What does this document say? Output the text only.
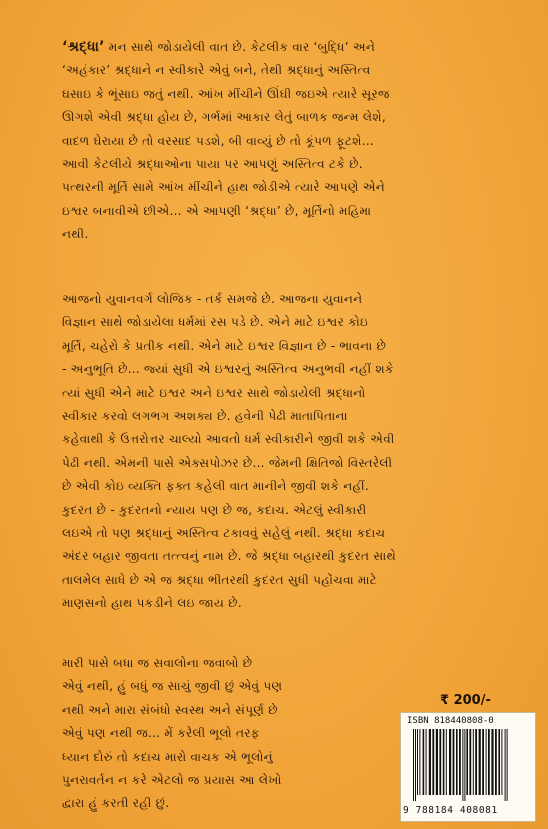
‘શ્રદ્ધા’ મન સાથે જોડાયેલી વાત છે. કેટલીક વાર ‘બુદ્ધિ’ અને
‘અહંકાર’ શ્રદ્ધાને ન સ્વીકારે એવું બને, તેથી શ્રદ્ધાનું અસ્તિત્વ
ઘસાઇ કે ભૂંસાઇ જતું નથી. આંખ મીંચીને ઊંઘી જઇએ ત્યારે સૂરજ
ઊગશે એવી શ્રદ્ધા હોય છે, ગર્ભમાં આકાર લેતું બાળક જન્મ લેશે,
વાદળ ઘેરાયા છે તો વરસાદ પડશે, બી વાવ્યું છે તો કૂંપળ ફૂટશે...
આવી કેટલીયે શ્રદ્ધાઓના પાયા પર આપણું અસ્તિત્વ ટકે છે.
પત્થરની મૂર્તિ સામે આંખ મીંચીને હાથ જોડીએ ત્યારે આપણે એને
ઇશ્વર બનાવીએ છીએ... એ આપણી ‘શ્રદ્ધા’ છે, મૂર્તિનો મહિમા
નથી.
આજનો યુવાનવર્ગ લોજિક - તર્ક સમજે છે. આજના યુવાનને
વિજ્ઞાન સાથે જોડાયેલા ધર્મમાં રસ પડે છે. એને માટે ઇશ્વર કોઇ
મૂર્તિ, ચહેરો કે પ્રતીક નથી. એને માટે ઇશ્વર વિજ્ઞાન છે - ભાવના છે
- અનુભૂતિ છે... જ્યાં સુધી એ ઇશ્વરનું અસ્તિત્વ અનુભવી નહીં શકે
ત્યાં સુધી એને માટે ઇશ્વર અને ઇશ્વર સાથે જોડાયેલી શ્રદ્ધાનો
સ્વીકાર કરવો લગભગ અશક્ય છે. હવેની પેઢી માતાપિતાના
કહેવાથી કે ઉત્તરોત્તર ચાલ્યો આવતો ધર્મ સ્વીકારીને જીવી શકે એવી
પેઢી નથી. એમની પાસે એક્સપોઝર છે... જેમની ક્ષિતિજો વિસ્તરેલી
છે એવી કોઇ વ્યક્તિ ફક્ત કહેલી વાત માનીને જીવી શકે નહીં.
કુદરત છે - કુદરતનો ન્યાય પણ છે જ, કદાચ. એટલું સ્વીકારી
લઇએ તો પણ શ્રદ્ધાનું અસ્તિત્વ ટકાવવું સહેલું નથી. શ્રદ્ધા કદાચ
અંદર બહાર જીવતા તત્ત્વનું નામ છે. જે શ્રદ્ધા બહારથી કુદરત સાથે
તાલમેલ સાધે છે એ જ શ્રદ્ધા ભીતરથી કુદરત સુધી પહોંચવા માટે
માણસનો હાથ પકડીને લઇ જાય છે.
મારી પાસે બધા જ સવાલોના જવાબો છે
એવું નથી, હું બધું જ સાચું જીવી છું એવું પણ
નથી અને મારા સંબંધો સ્વસ્થ અને સંપૂર્ણ છે
એવું પણ નથી જ... મેં કરેલી ભૂલો તરફ
ધ્યાન દોરું તો કદાચ મારો વાચક એ ભૂલોનું
પુનરાવર્તન ન કરે એટલો જ પ્રયાસ આ લેખો
દ્વારા હું કરતી રહી છું.
₹ 200/-
ISBN 818440808-0
9 788184 408081
